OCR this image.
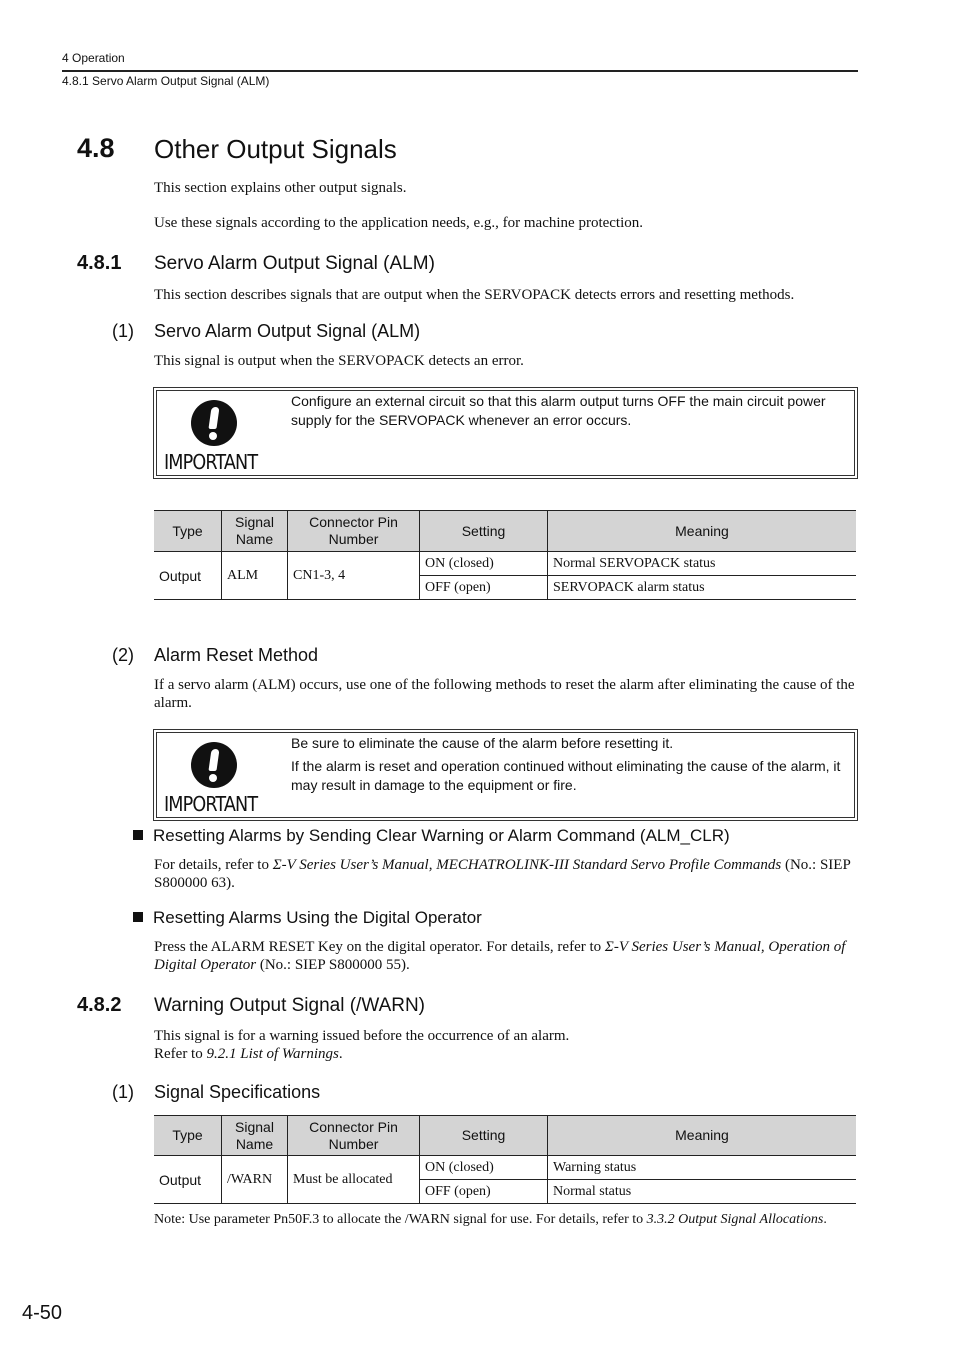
4 Operation
4.8.1 Servo Alarm Output Signal (ALM)
4.8 Other Output Signals
This section explains other output signals.
Use these signals according to the application needs, e.g., for machine protection.
4.8.1 Servo Alarm Output Signal (ALM)
This section describes signals that are output when the SERVOPACK detects errors and resetting methods.
(1) Servo Alarm Output Signal (ALM)
This signal is output when the SERVOPACK detects an error.
IMPORTANT
Configure an external circuit so that this alarm output turns OFF the main circuit power supply for the SERVOPACK whenever an error occurs.
Type	Signal Name	Connector Pin Number	Setting	Meaning
Output	ALM	CN1-3, 4	ON (closed)	Normal SERVOPACK status
			OFF (open)	SERVOPACK alarm status
(2) Alarm Reset Method
If a servo alarm (ALM) occurs, use one of the following methods to reset the alarm after eliminating the cause of the alarm.
IMPORTANT
Be sure to eliminate the cause of the alarm before resetting it.
If the alarm is reset and operation continued without eliminating the cause of the alarm, it may result in damage to the equipment or fire.
Resetting Alarms by Sending Clear Warning or Alarm Command (ALM_CLR)
For details, refer to Σ-V Series User’s Manual, MECHATROLINK-III Standard Servo Profile Commands (No.: SIEP S800000 63).
Resetting Alarms Using the Digital Operator
Press the ALARM RESET Key on the digital operator. For details, refer to Σ-V Series User’s Manual, Operation of Digital Operator (No.: SIEP S800000 55).
4.8.2 Warning Output Signal (/WARN)
This signal is for a warning issued before the occurrence of an alarm.
Refer to 9.2.1 List of Warnings.
(1) Signal Specifications
Type	Signal Name	Connector Pin Number	Setting	Meaning
Output	/WARN	Must be allocated	ON (closed)	Warning status
			OFF (open)	Normal status
Note: Use parameter Pn50F.3 to allocate the /WARN signal for use. For details, refer to 3.3.2 Output Signal Allocations.
4-50
